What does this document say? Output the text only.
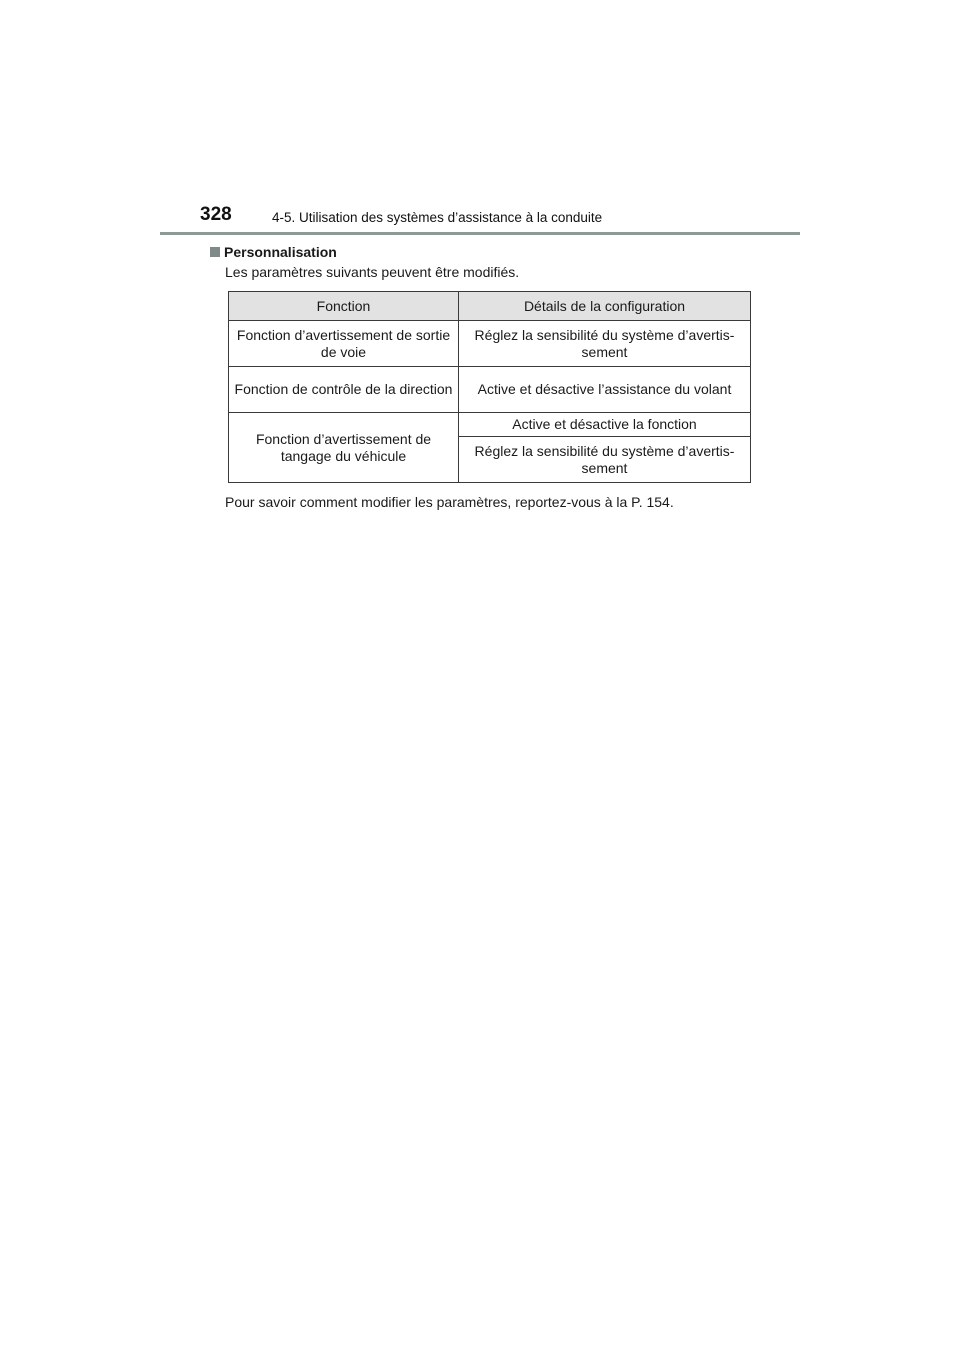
328	4-5. Utilisation des systèmes d’assistance à la conduite
Personnalisation
Les paramètres suivants peuvent être modifiés.
Fonction	Détails de la configuration
Fonction d’avertissement de sortie de voie	Réglez la sensibilité du système d’avertis-sement
Fonction de contrôle de la direction	Active et désactive l’assistance du volant
Fonction d’avertissement de tangage du véhicule	Active et désactive la fonction
	Réglez la sensibilité du système d’avertis-sement
Pour savoir comment modifier les paramètres, reportez-vous à la P. 154.
